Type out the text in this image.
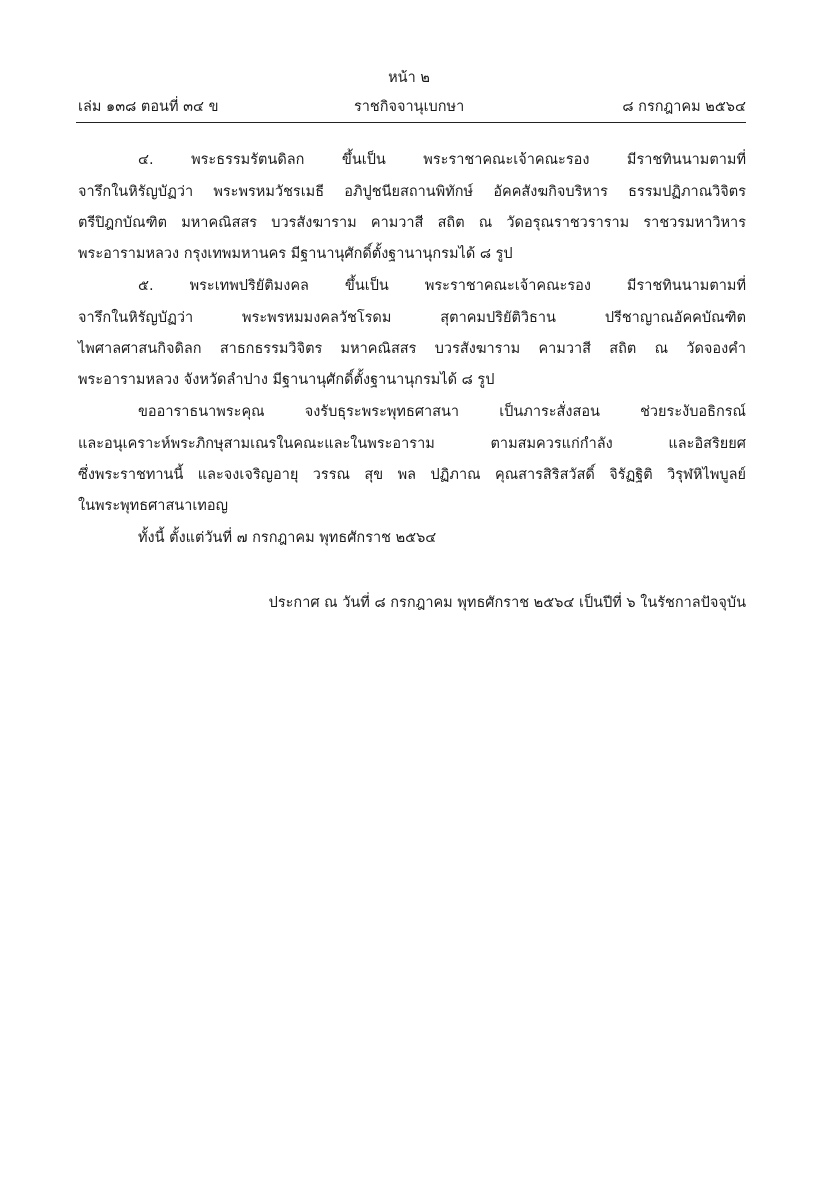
หน้า ๒
เล่ม ๑๓๘ ตอนที่ ๓๔ ข	ราชกิจจานุเบกษา	๘ กรกฎาคม ๒๕๖๔
๔. พระธรรมรัตนดิลก ขึ้นเป็น พระราชาคณะเจ้าคณะรอง มีราชทินนามตามที่
จารึกในหิรัญบัฏว่า พระพรหมวัชรเมธี อภิปูชนียสถานพิทักษ์ อัคคสังฆกิจบริหาร ธรรมปฏิภาณวิจิตร
ตรีปิฎกบัณฑิต มหาคณิสสร บวรสังฆาราม คามวาสี สถิต ณ วัดอรุณราชวราราม ราชวรมหาวิหาร
พระอารามหลวง กรุงเทพมหานคร มีฐานานุศักดิ์ตั้งฐานานุกรมได้ ๘ รูป
๕. พระเทพปริยัติมงคล ขึ้นเป็น พระราชาคณะเจ้าคณะรอง มีราชทินนามตามที่
จารึกในหิรัญบัฏว่า พระพรหมมงคลวัชโรดม สุตาคมปริยัติวิธาน ปรีชาญาณอัคคบัณฑิต
ไพศาลศาสนกิจดิลก สาธกธรรมวิจิตร มหาคณิสสร บวรสังฆาราม คามวาสี สถิต ณ วัดจองคำ
พระอารามหลวง จังหวัดลำปาง มีฐานานุศักดิ์ตั้งฐานานุกรมได้ ๘ รูป
ขออาราธนาพระคุณ จงรับธุระพระพุทธศาสนา เป็นภาระสั่งสอน ช่วยระงับอธิกรณ์
และอนุเคราะห์พระภิกษุสามเณรในคณะและในพระอาราม ตามสมควรแก่กำลัง และอิสริยยศ
ซึ่งพระราชทานนี้ และจงเจริญอายุ วรรณ สุข พล ปฏิภาณ คุณสารสิริสวัสดิ์ จิรัฏฐิติ วิรุฬหิไพบูลย์
ในพระพุทธศาสนาเทอญ
ทั้งนี้ ตั้งแต่วันที่ ๗ กรกฎาคม พุทธศักราช ๒๕๖๔
ประกาศ ณ วันที่ ๘ กรกฎาคม พุทธศักราช ๒๕๖๔ เป็นปีที่ ๖ ในรัชกาลปัจจุบัน
